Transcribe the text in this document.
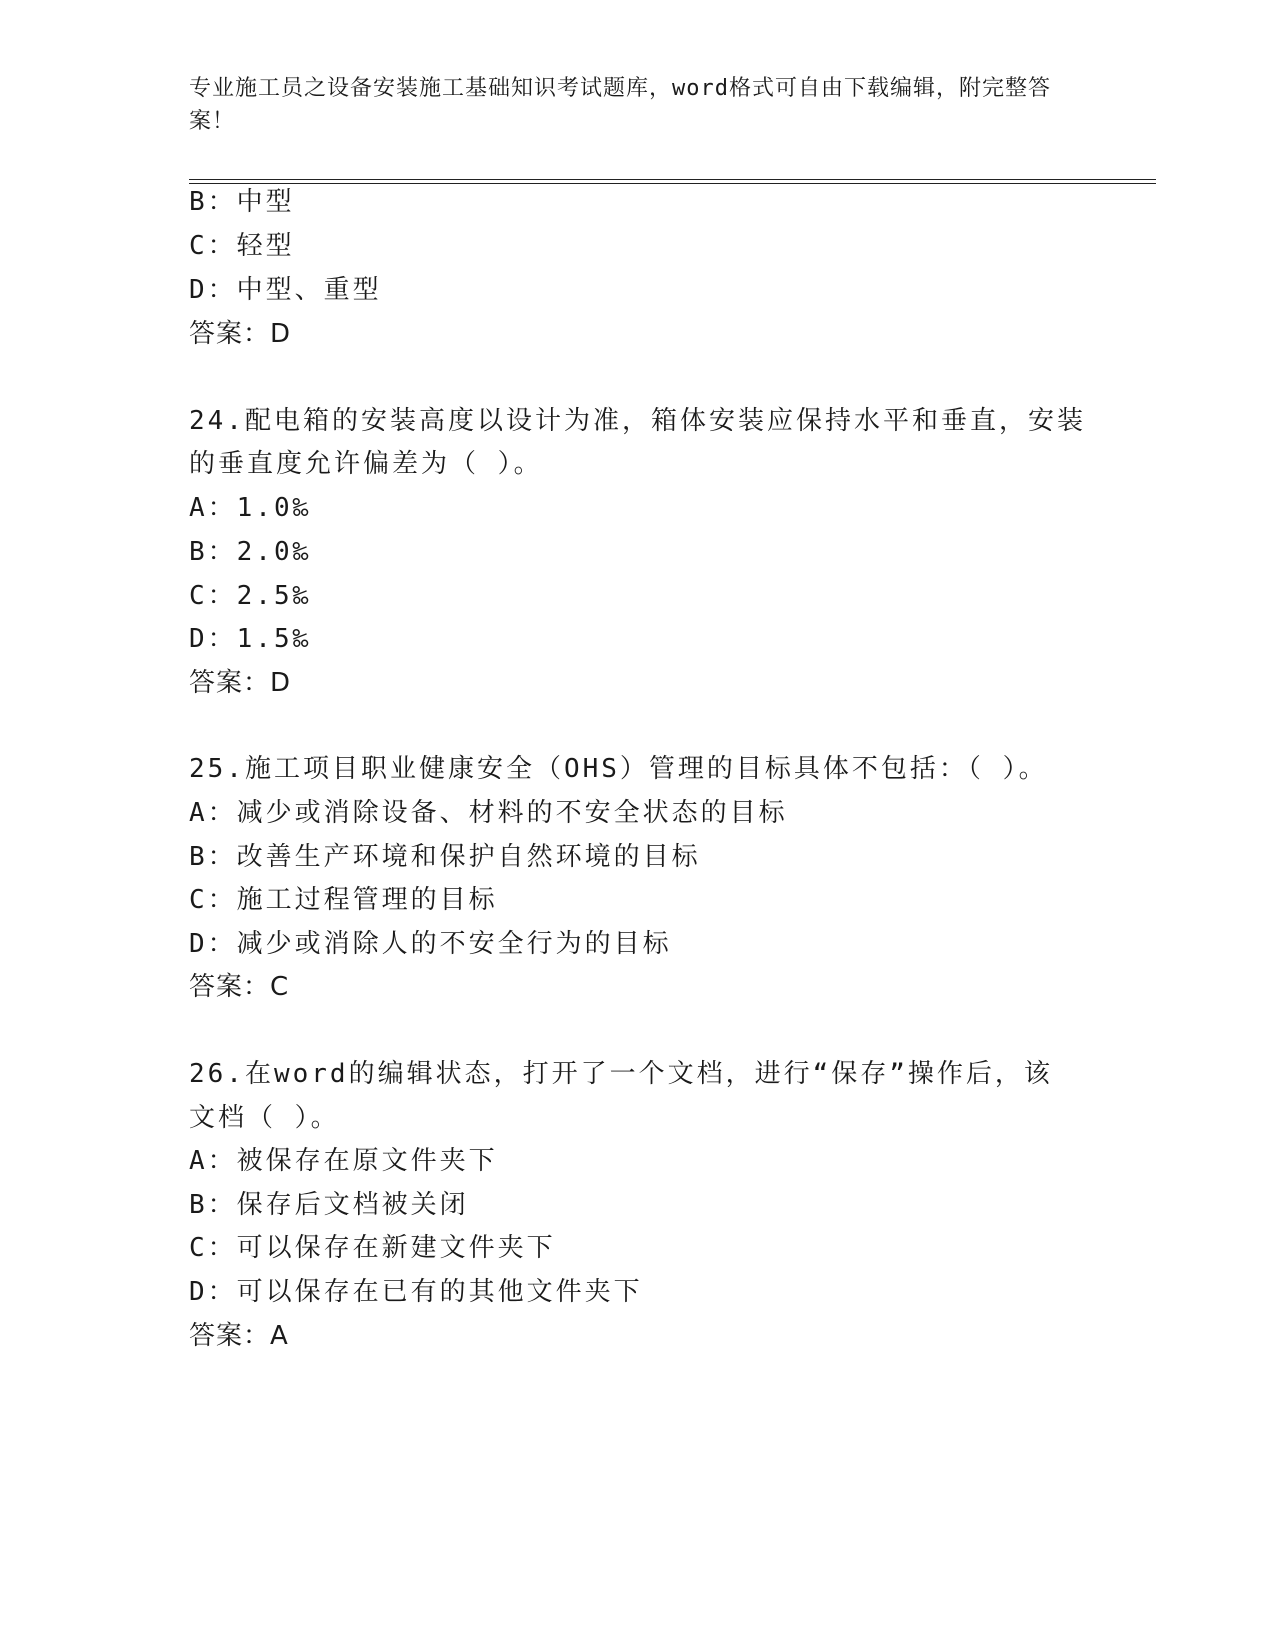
专业施工员之设备安装施工基础知识考试题库，word格式可自由下载编辑，附完整答案！
B：中型
C：轻型
D：中型、重型
答案：D
24.配电箱的安装高度以设计为准，箱体安装应保持水平和垂直，安装
的垂直度允许偏差为（ ）。
A：1.0‰
B：2.0‰
C：2.5‰
D：1.5‰
答案：D
25.施工项目职业健康安全（OHS）管理的目标具体不包括：（ ）。
A：减少或消除设备、材料的不安全状态的目标
B：改善生产环境和保护自然环境的目标
C：施工过程管理的目标
D：减少或消除人的不安全行为的目标
答案：C
26.在word的编辑状态，打开了一个文档，进行“保存”操作后，该
文档（ ）。
A：被保存在原文件夹下
B：保存后文档被关闭
C：可以保存在新建文件夹下
D：可以保存在已有的其他文件夹下
答案：A
